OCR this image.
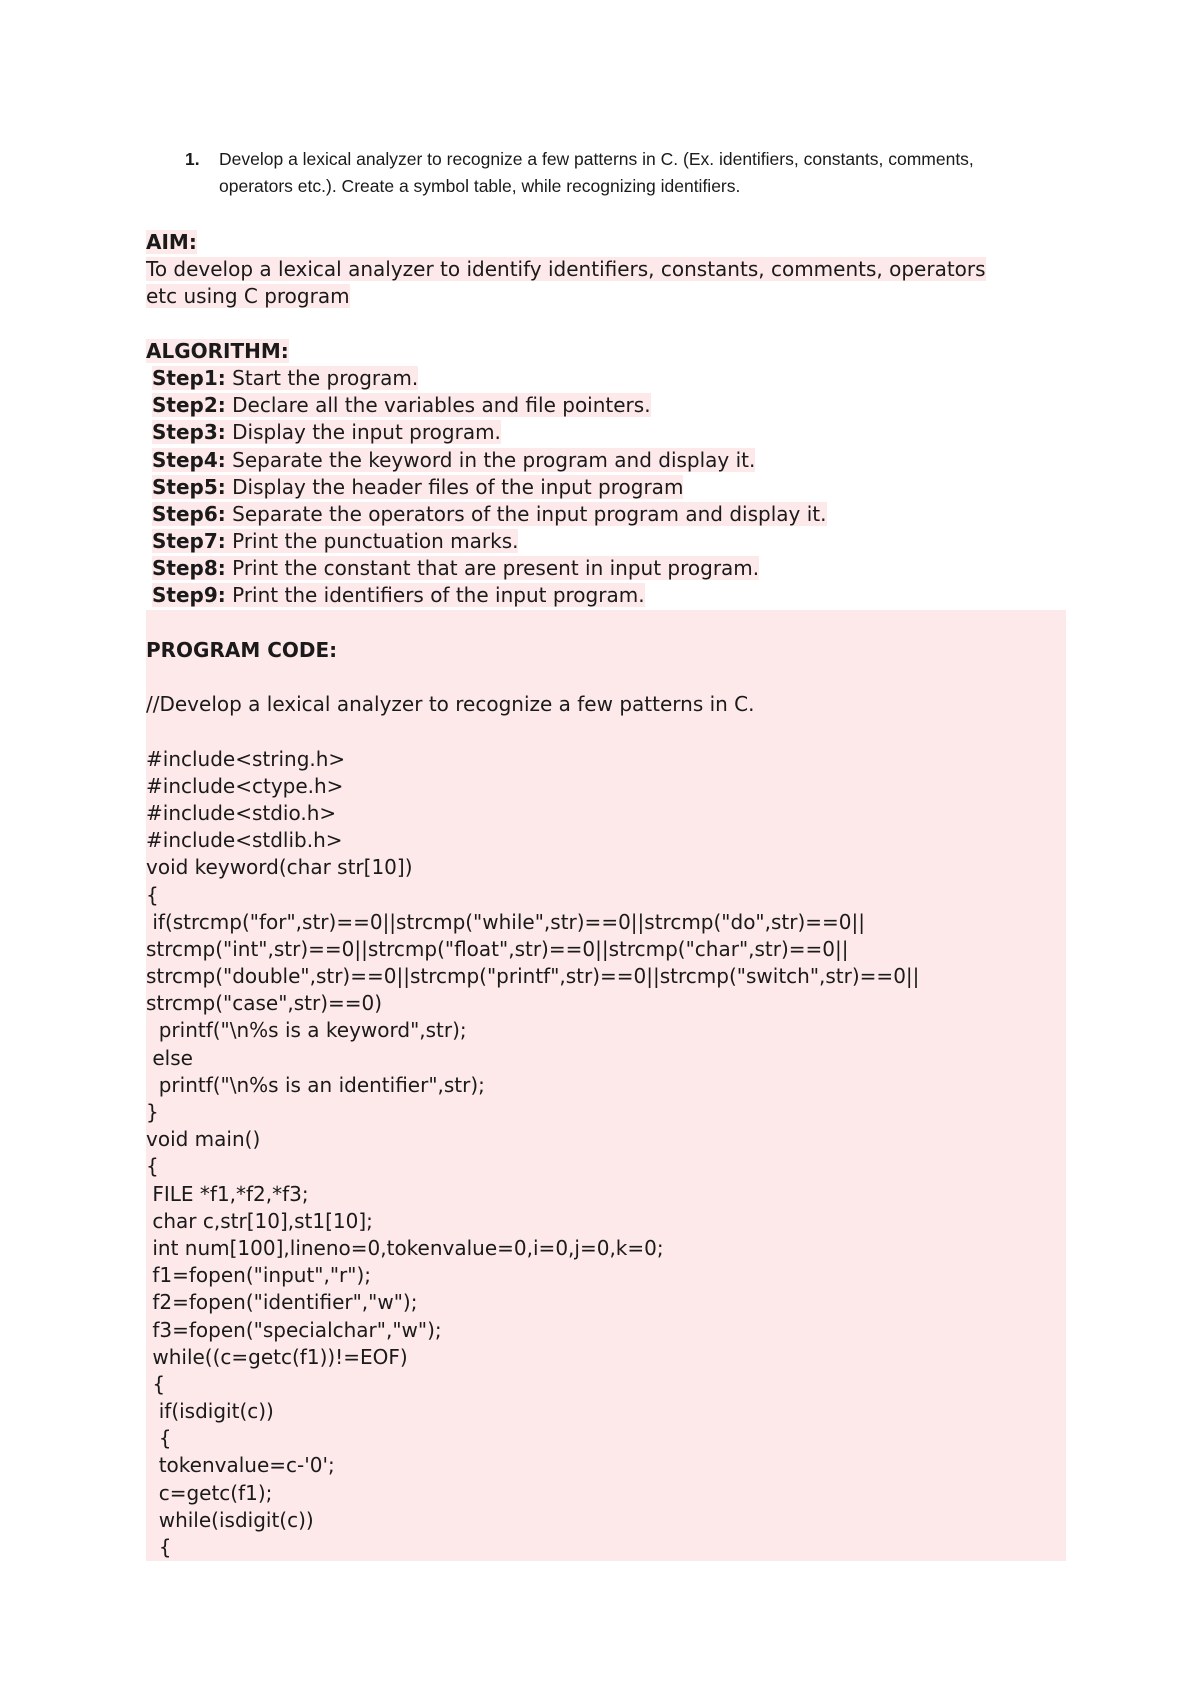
1.	Develop a lexical analyzer to recognize a few patterns in C. (Ex. identifiers, constants, comments, operators etc.). Create a symbol table, while recognizing identifiers.
AIM:
To develop a lexical analyzer to identify identifiers, constants, comments, operators
etc using C program
ALGORITHM:
Step1: Start the program.
Step2: Declare all the variables and file pointers.
Step3: Display the input program.
Step4: Separate the keyword in the program and display it.
Step5: Display the header files of the input program
Step6: Separate the operators of the input program and display it.
Step7: Print the punctuation marks.
Step8: Print the constant that are present in input program.
Step9: Print the identifiers of the input program.
PROGRAM CODE:
//Develop a lexical analyzer to recognize a few patterns in C.
#include<string.h>
#include<ctype.h>
#include<stdio.h>
#include<stdlib.h>
void keyword(char str[10])
{
if(strcmp("for",str)==0||strcmp("while",str)==0||strcmp("do",str)==0||
strcmp("int",str)==0||strcmp("float",str)==0||strcmp("char",str)==0||
strcmp("double",str)==0||strcmp("printf",str)==0||strcmp("switch",str)==0||
strcmp("case",str)==0)
printf("\n%s is a keyword",str);
else
printf("\n%s is an identifier",str);
}
void main()
{
FILE *f1,*f2,*f3;
char c,str[10],st1[10];
int num[100],lineno=0,tokenvalue=0,i=0,j=0,k=0;
f1=fopen("input","r");
f2=fopen("identifier","w");
f3=fopen("specialchar","w");
while((c=getc(f1))!=EOF)
{
if(isdigit(c))
{
tokenvalue=c-'0';
c=getc(f1);
while(isdigit(c))
{
